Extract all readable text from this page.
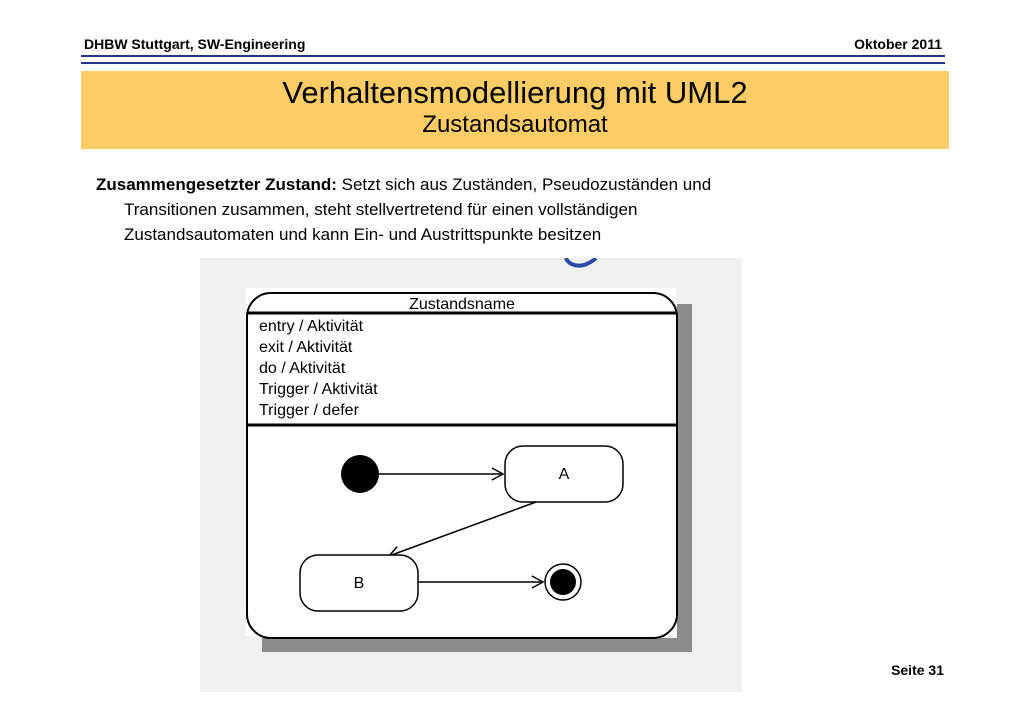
DHBW Stuttgart, SW-Engineering	Oktober 2011
Verhaltensmodellierung mit UML2
Zustandsautomat
Zusammengesetzter Zustand: Setzt sich aus Zuständen, Pseudozuständen und
Transitionen zusammen, steht stellvertretend für einen vollständigen
Zustandsautomaten und kann Ein- und Austrittspunkte besitzen
Zustandsname
entry / Aktivität
exit / Aktivität
do / Aktivität
Trigger / Aktivität
Trigger / defer
A
B
Seite 31
